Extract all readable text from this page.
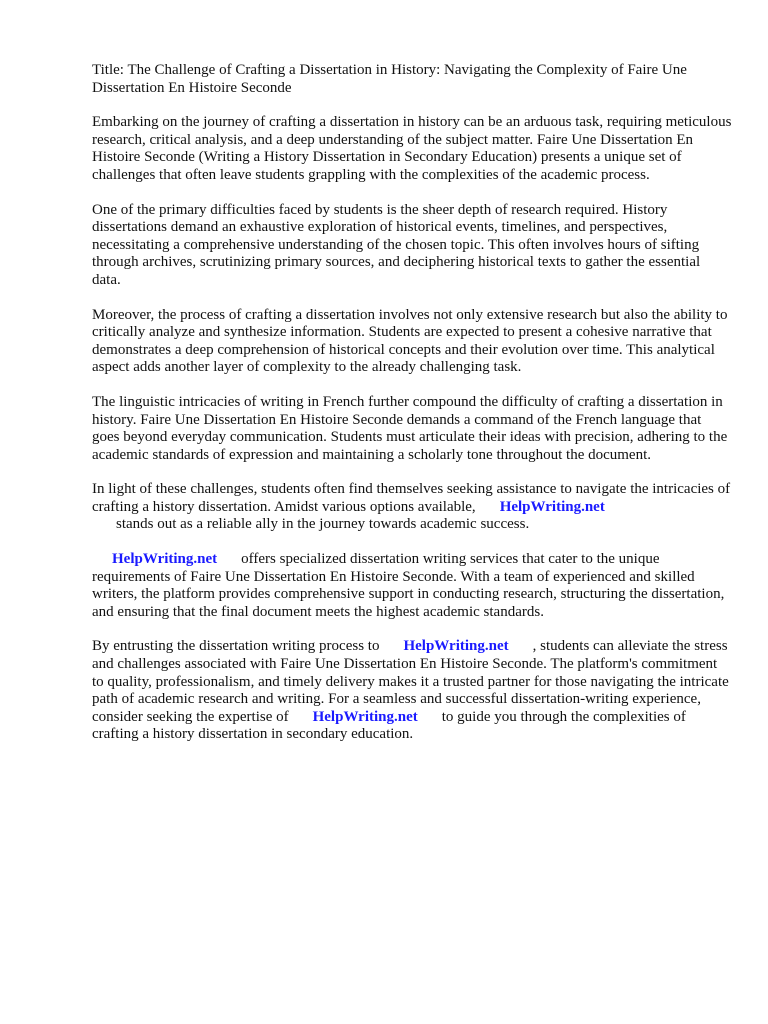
Title: The Challenge of Crafting a Dissertation in History: Navigating the Complexity of Faire Une Dissertation En Histoire Seconde

Embarking on the journey of crafting a dissertation in history can be an arduous task, requiring meticulous research, critical analysis, and a deep understanding of the subject matter. Faire Une Dissertation En Histoire Seconde (Writing a History Dissertation in Secondary Education) presents a unique set of challenges that often leave students grappling with the complexities of the academic process.

One of the primary difficulties faced by students is the sheer depth of research required. History dissertations demand an exhaustive exploration of historical events, timelines, and perspectives, necessitating a comprehensive understanding of the chosen topic. This often involves hours of sifting through archives, scrutinizing primary sources, and deciphering historical texts to gather the essential data.

Moreover, the process of crafting a dissertation involves not only extensive research but also the ability to critically analyze and synthesize information. Students are expected to present a cohesive narrative that demonstrates a deep comprehension of historical concepts and their evolution over time. This analytical aspect adds another layer of complexity to the already challenging task.

The linguistic intricacies of writing in French further compound the difficulty of crafting a dissertation in history. Faire Une Dissertation En Histoire Seconde demands a command of the French language that goes beyond everyday communication. Students must articulate their ideas with precision, adhering to the academic standards of expression and maintaining a scholarly tone throughout the document.

In light of these challenges, students often find themselves seeking assistance to navigate the intricacies of crafting a history dissertation. Amidst various options available, HelpWriting.net
stands out as a reliable ally in the journey towards academic success.

HelpWriting.net offers specialized dissertation writing services that cater to the unique requirements of Faire Une Dissertation En Histoire Seconde. With a team of experienced and skilled writers, the platform provides comprehensive support in conducting research, structuring the dissertation, and ensuring that the final document meets the highest academic standards.

By entrusting the dissertation writing process to HelpWriting.net , students can alleviate the stress and challenges associated with Faire Une Dissertation En Histoire Seconde. The platform's commitment to quality, professionalism, and timely delivery makes it a trusted partner for those navigating the intricate path of academic research and writing. For a seamless and successful dissertation-writing experience, consider seeking the expertise of HelpWriting.net to guide you through the complexities of crafting a history dissertation in secondary education.
